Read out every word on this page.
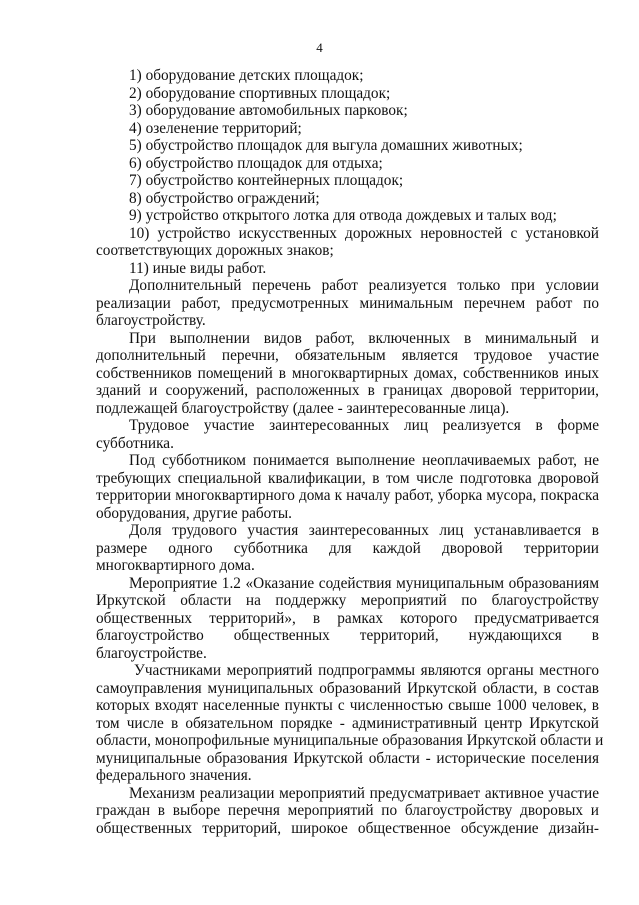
4
1) оборудование детских площадок;
2) оборудование спортивных площадок;
3) оборудование автомобильных парковок;
4) озеленение территорий;
5) обустройство площадок для выгула домашних животных;
6) обустройство площадок для отдыха;
7) обустройство контейнерных площадок;
8) обустройство ограждений;
9) устройство открытого лотка для отвода дождевых и талых вод;
10) устройство искусственных дорожных неровностей с установкой
соответствующих дорожных знаков;
11) иные виды работ.
Дополнительный перечень работ реализуется только при условии
реализации работ, предусмотренных минимальным перечнем работ по
благоустройству.
При выполнении видов работ, включенных в минимальный и
дополнительный перечни, обязательным является трудовое участие
собственников помещений в многоквартирных домах, собственников иных
зданий и сооружений, расположенных в границах дворовой территории,
подлежащей благоустройству (далее - заинтересованные лица).
Трудовое участие заинтересованных лиц реализуется в форме
субботника.
Под субботником понимается выполнение неоплачиваемых работ, не
требующих специальной квалификации, в том числе подготовка дворовой
территории многоквартирного дома к началу работ, уборка мусора, покраска
оборудования, другие работы.
Доля трудового участия заинтересованных лиц устанавливается в
размере одного субботника для каждой дворовой территории
многоквартирного дома.
Мероприятие 1.2 «Оказание содействия муниципальным образованиям
Иркутской области на поддержку мероприятий по благоустройству
общественных территорий», в рамках которого предусматривается
благоустройство общественных территорий, нуждающихся в
благоустройстве.
Участниками мероприятий подпрограммы являются органы местного
самоуправления муниципальных образований Иркутской области, в состав
которых входят населенные пункты с численностью свыше 1000 человек, в
том числе в обязательном порядке - административный центр Иркутской
области, монопрофильные муниципальные образования Иркутской области и
муниципальные образования Иркутской области - исторические поселения
федерального значения.
Механизм реализации мероприятий предусматривает активное участие
граждан в выборе перечня мероприятий по благоустройству дворовых и
общественных территорий, широкое общественное обсуждение дизайн-
